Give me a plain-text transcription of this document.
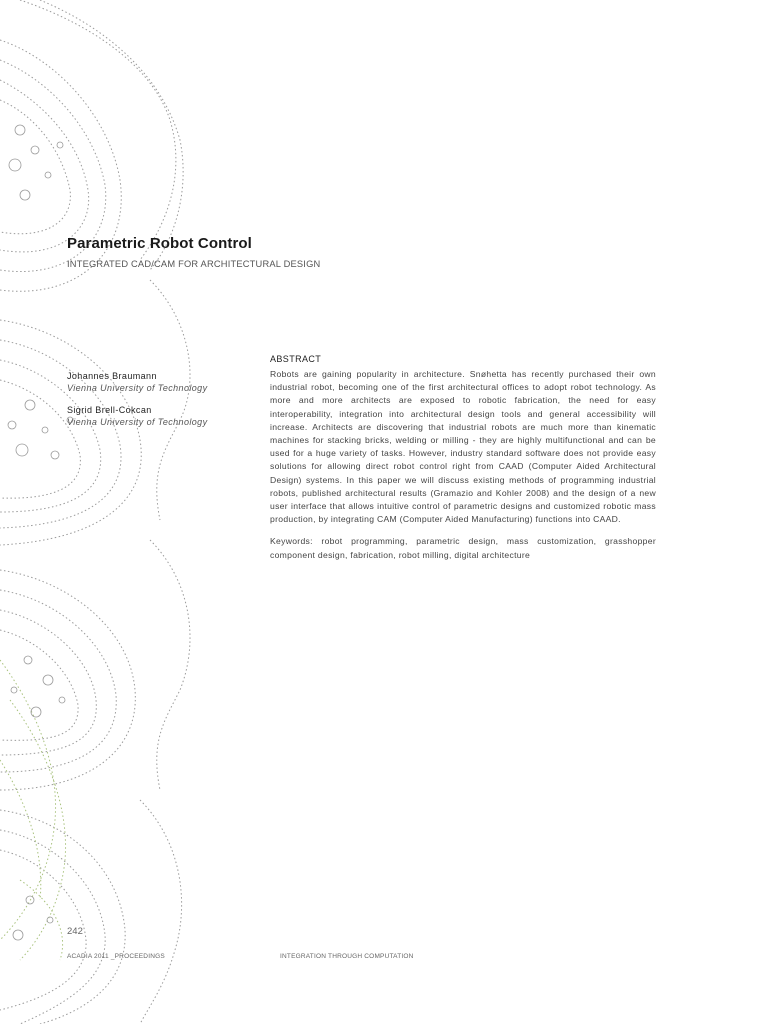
Parametric Robot Control
INTEGRATED CAD/CAM FOR ARCHITECTURAL DESIGN
Johannes Braumann
Vienna University of Technology
Sigrid Brell-Cokcan
Vienna University of Technology
ABSTRACT

Robots are gaining popularity in architecture. Snøhetta has recently purchased their own industrial robot, becoming one of the first architectural offices to adopt robot technology. As more and more architects are exposed to robotic fabrication, the need for easy interoperability, integration into architectural design tools and general accessibility will increase. Architects are discovering that industrial robots are much more than kinematic machines for stacking bricks, welding or milling - they are highly multifunctional and can be used for a huge variety of tasks. However, industry standard software does not provide easy solutions for allowing direct robot control right from CAAD (Computer Aided Architectural Design) systems. In this paper we will discuss existing methods of programming industrial robots, published architectural results (Gramazio and Kohler 2008) and the design of a new user interface that allows intuitive control of parametric designs and customized robotic mass production, by integrating CAM (Computer Aided Manufacturing) functions into CAAD.

Keywords: robot programming, parametric design, mass customization, grasshopper component design, fabrication, robot milling, digital architecture

242
ACADIA 2011 _PROCEEDINGS	INTEGRATION THROUGH COMPUTATION
